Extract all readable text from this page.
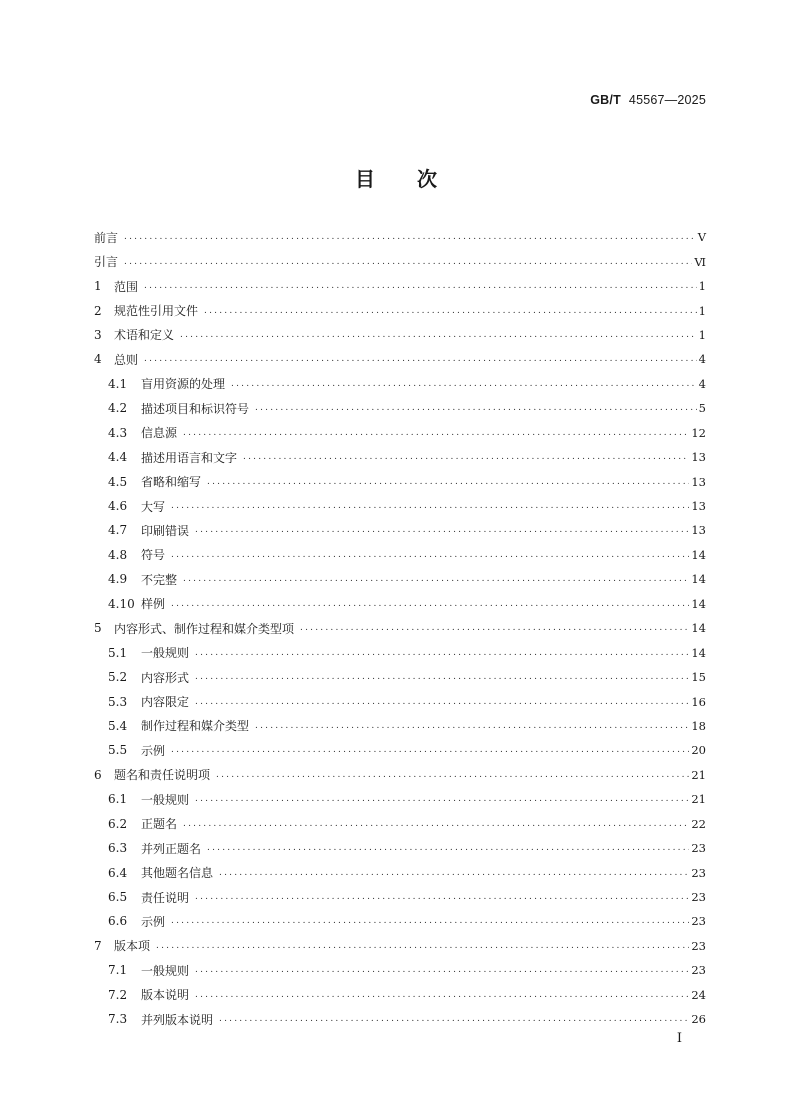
GB/T 45567—2025
目次
前言 .....	Ⅴ
引言 .....	Ⅵ
1	范围 .....	1
2	规范性引用文件 .....	1
3	术语和定义 .....	1
4	总则 .....	4
4.1	盲用资源的处理 .....	4
4.2	描述项目和标识符号 .....	5
4.3	信息源 .....	12
4.4	描述用语言和文字 .....	13
4.5	省略和缩写 .....	13
4.6	大写 .....	13
4.7	印刷错误 .....	13
4.8	符号 .....	14
4.9	不完整 .....	14
4.10 样例 .....	14
5	内容形式、制作过程和媒介类型项 .....	14
5.1	一般规则 .....	14
5.2	内容形式 .....	15
5.3	内容限定 .....	16
5.4	制作过程和媒介类型 .....	18
5.5	示例 .....	20
6	题名和责任说明项 .....	21
6.1	一般规则 .....	21
6.2	正题名 .....	22
6.3	并列正题名 .....	23
6.4	其他题名信息 .....	23
6.5	责任说明 .....	23
6.6	示例 .....	23
7	版本项 .....	23
7.1	一般规则 .....	23
7.2	版本说明 .....	24
7.3	并列版本说明 .....	26
Ⅰ
